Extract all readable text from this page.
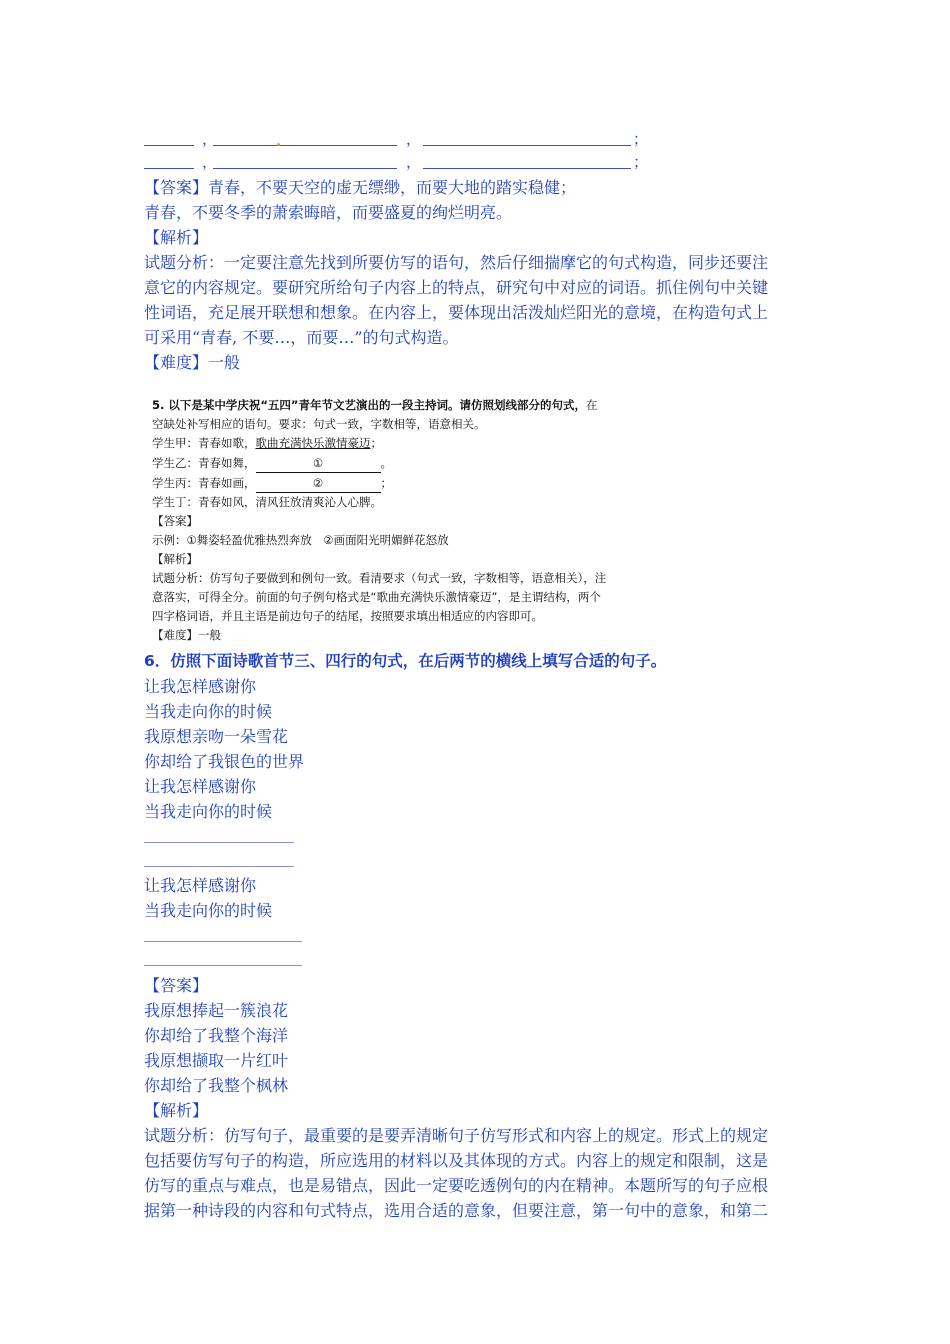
，	，	；
，	，	；
【答案】青春，不要天空的虚无缥缈，而要大地的踏实稳健；
青春，不要冬季的萧索晦暗，而要盛夏的绚烂明亮。
【解析】
试题分析：一定要注意先找到所要仿写的语句，然后仔细揣摩它的句式构造，同步还要注
意它的内容规定。要研究所给句子内容上的特点，研究句中对应的词语。抓住例句中关键
性词语，充足展开联想和想象。在内容上，要体现出活泼灿烂阳光的意境，在构造句式上
可采用“青春, 不要…，而要…”的句式构造。
【难度】一般
5. 以下是某中学庆祝“五四”青年节文艺演出的一段主持词。请仿照划线部分的句式，在
空缺处补写相应的语句。要求：句式一致，字数相等，语意相关。
学生甲：青春如歌，歌曲充满快乐激情豪迈；
学生乙：青春如舞，	①	。
学生丙：青春如画，	②	；
学生丁：青春如风，清风狂放清爽沁人心脾。
【答案】
示例：①舞姿轻盈优雅热烈奔放　②画面阳光明媚鲜花怒放
【解析】
试题分析：仿写句子要做到和例句一致。看清要求（句式一致，字数相等，语意相关），注
意落实，可得全分。前面的句子例句格式是“歌曲充满快乐激情豪迈”，是主谓结构，两个
四字格词语，并且主语是前边句子的结尾，按照要求填出相适应的内容即可。
【难度】一般
6．仿照下面诗歌首节三、四行的句式，在后两节的横线上填写合适的句子。
让我怎样感谢你
当我走向你的时候
我原想亲吻一朵雪花
你却给了我银色的世界
让我怎样感谢你
当我走向你的时候
让我怎样感谢你
当我走向你的时候
【答案】
我原想捧起一簇浪花
你却给了我整个海洋
我原想撷取一片红叶
你却给了我整个枫林
【解析】
试题分析：仿写句子，最重要的是要弄清晰句子仿写形式和内容上的规定。形式上的规定
包括要仿写句子的构造，所应选用的材料以及其体现的方式。内容上的规定和限制，这是
仿写的重点与难点，也是易错点，因此一定要吃透例句的内在精神。本题所写的句子应根
据第一种诗段的内容和句式特点，选用合适的意象，但要注意，第一句中的意象，和第二
